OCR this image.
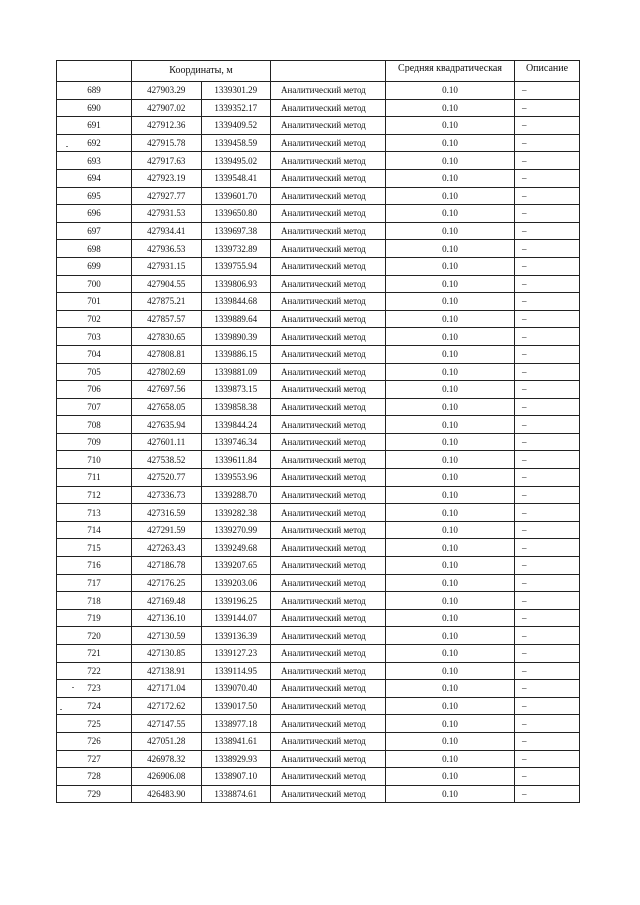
	Координаты, м			Средняя квадратическая	Описание

689	427903.29	1339301.29	Аналитический метод	0.10	–
690	427907.02	1339352.17	Аналитический метод	0.10	–
691	427912.36	1339409.52	Аналитический метод	0.10	–
692	427915.78	1339458.59	Аналитический метод	0.10	–
693	427917.63	1339495.02	Аналитический метод	0.10	–
694	427923.19	1339548.41	Аналитический метод	0.10	–
695	427927.77	1339601.70	Аналитический метод	0.10	–
696	427931.53	1339650.80	Аналитический метод	0.10	–
697	427934.41	1339697.38	Аналитический метод	0.10	–
698	427936.53	1339732.89	Аналитический метод	0.10	–
699	427931.15	1339755.94	Аналитический метод	0.10	–
700	427904.55	1339806.93	Аналитический метод	0.10	–
701	427875.21	1339844.68	Аналитический метод	0.10	–
702	427857.57	1339889.64	Аналитический метод	0.10	–
703	427830.65	1339890.39	Аналитический метод	0.10	–
704	427808.81	1339886.15	Аналитический метод	0.10	–
705	427802.69	1339881.09	Аналитический метод	0.10	–
706	427697.56	1339873.15	Аналитический метод	0.10	–
707	427658.05	1339858.38	Аналитический метод	0.10	–
708	427635.94	1339844.24	Аналитический метод	0.10	–
709	427601.11	1339746.34	Аналитический метод	0.10	–
710	427538.52	1339611.84	Аналитический метод	0.10	–
711	427520.77	1339553.96	Аналитический метод	0.10	–
712	427336.73	1339288.70	Аналитический метод	0.10	–
713	427316.59	1339282.38	Аналитический метод	0.10	–
714	427291.59	1339270.99	Аналитический метод	0.10	–
715	427263.43	1339249.68	Аналитический метод	0.10	–
716	427186.78	1339207.65	Аналитический метод	0.10	–
717	427176.25	1339203.06	Аналитический метод	0.10	–
718	427169.48	1339196.25	Аналитический метод	0.10	–
719	427136.10	1339144.07	Аналитический метод	0.10	–
720	427130.59	1339136.39	Аналитический метод	0.10	–
721	427130.85	1339127.23	Аналитический метод	0.10	–
722	427138.91	1339114.95	Аналитический метод	0.10	–
723	427171.04	1339070.40	Аналитический метод	0.10	–
724	427172.62	1339017.50	Аналитический метод	0.10	–
725	427147.55	1338977.18	Аналитический метод	0.10	–
726	427051.28	1338941.61	Аналитический метод	0.10	–
727	426978.32	1338929.93	Аналитический метод	0.10	–
728	426906.08	1338907.10	Аналитический метод	0.10	–
729	426483.90	1338874.61	Аналитический метод	0.10	–
